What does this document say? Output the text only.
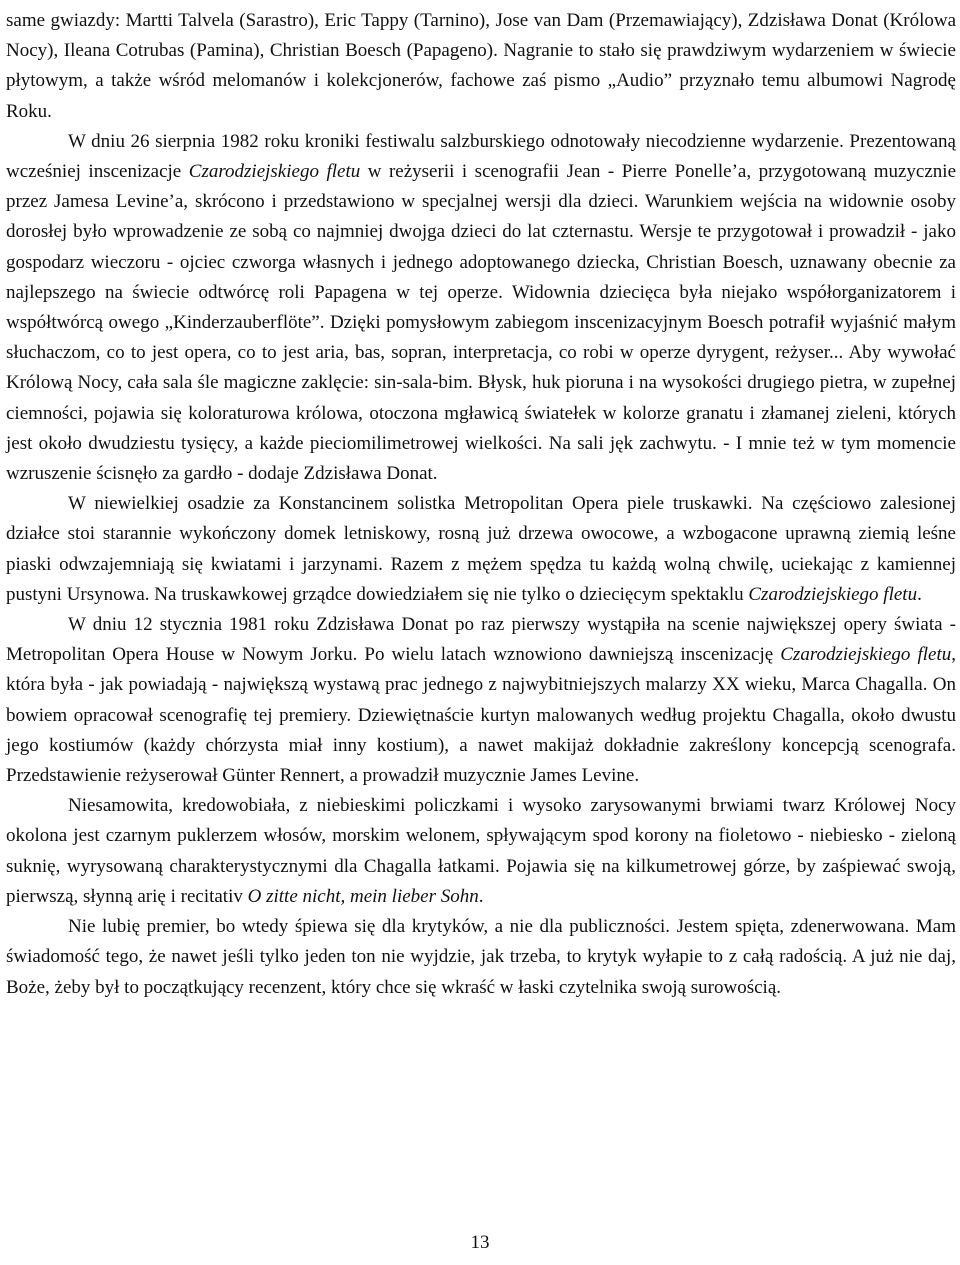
same gwiazdy: Martti Talvela (Sarastro), Eric Tappy (Tarnino), Jose van Dam (Przemawiający), Zdzisława Donat (Królowa Nocy), Ileana Cotrubas (Pamina), Christian Boesch (Papageno). Nagranie to stało się prawdziwym wydarzeniem w świecie płytowym, a także wśród melomanów i kolekcjonerów, fachowe zaś pismo „Audio” przyznało temu albumowi Nagrodę Roku.

W dniu 26 sierpnia 1982 roku kroniki festiwalu salzburskiego odnotowały niecodzienne wydarzenie. Prezentowaną wcześniej inscenizacje Czarodziejskiego fletu w reżyserii i scenografii Jean - Pierre Ponelle’a, przygotowaną muzycznie przez Jamesa Levine’a, skrócono i przedstawiono w specjalnej wersji dla dzieci. Warunkiem wejścia na widownie osoby dorosłej było wprowadzenie ze sobą co najmniej dwojga dzieci do lat czternastu. Wersje te przygotował i prowadził - jako gospodarz wieczoru - ojciec czworga własnych i jednego adoptowanego dziecka, Christian Boesch, uznawany obecnie za najlepszego na świecie odtwórcę roli Papagena w tej operze. Widownia dziecięca była niejako współorganizatorem i współtwórcą owego „Kinderzauberflöte”. Dzięki pomysłowym zabiegom inscenizacyjnym Boesch potrafił wyjaśnić małym słuchaczom, co to jest opera, co to jest aria, bas, sopran, interpretacja, co robi w operze dyrygent, reżyser... Aby wywołać Królową Nocy, cała sala śle magiczne zaklęcie: sin-sala-bim. Błysk, huk pioruna i na wysokości drugiego pietra, w zupełnej ciemności, pojawia się koloraturowa królowa, otoczona mgławicą światełek w kolorze granatu i złamanej zieleni, których jest około dwudziestu tysięcy, a każde pieciomilimetrowej wielkości. Na sali jęk zachwytu. - I mnie też w tym momencie wzruszenie ścisnęło za gardło - dodaje Zdzisława Donat.

W niewielkiej osadzie za Konstancinem solistka Metropolitan Opera piele truskawki. Na częściowo zalesionej działce stoi starannie wykończony domek letniskowy, rosną już drzewa owocowe, a wzbogacone uprawną ziemią leśne piaski odwzajemniają się kwiatami i jarzynami. Razem z mężem spędza tu każdą wolną chwilę, uciekając z kamiennej pustyni Ursynowa. Na truskawkowej grządce dowiedziałem się nie tylko o dziecięcym spektaklu Czarodziejskiego fletu.

W dniu 12 stycznia 1981 roku Zdzisława Donat po raz pierwszy wystąpiła na scenie największej opery świata - Metropolitan Opera House w Nowym Jorku. Po wielu latach wznowiono dawniejszą inscenizację Czarodziejskiego fletu, która była - jak powiadają - największą wystawą prac jednego z najwybitniejszych malarzy XX wieku, Marca Chagalla. On bowiem opracował scenografię tej premiery. Dziewiętnaście kurtyn malowanych według projektu Chagalla, około dwustu jego kostiumów (każdy chórzysta miał inny kostium), a nawet makijaż dokładnie zakreślony koncepcją scenografa. Przedstawienie reżyserował Günter Rennert, a prowadził muzycznie James Levine.

Niesamowita, kredowobiała, z niebieskimi policzkami i wysoko zarysowanymi brwiami twarz Królowej Nocy okolona jest czarnym puklerzem włosów, morskim welonem, spływającym spod korony na fioletowo - niebiesko - zieloną suknię, wyrysowaną charakterystycznymi dla Chagalla łatkami. Pojawia się na kilkumetrowej górze, by zaśpiewać swoją, pierwszą, słynną arię i recitativ O zitte nicht, mein lieber Sohn.

Nie lubię premier, bo wtedy śpiewa się dla krytyków, a nie dla publiczności. Jestem spięta, zdenerwowana. Mam świadomość tego, że nawet jeśli tylko jeden ton nie wyjdzie, jak trzeba, to krytyk wyłapie to z całą radością. A już nie daj, Boże, żeby był to początkujący recenzent, który chce się wkraść w łaski czytelnika swoją surowością.

13
